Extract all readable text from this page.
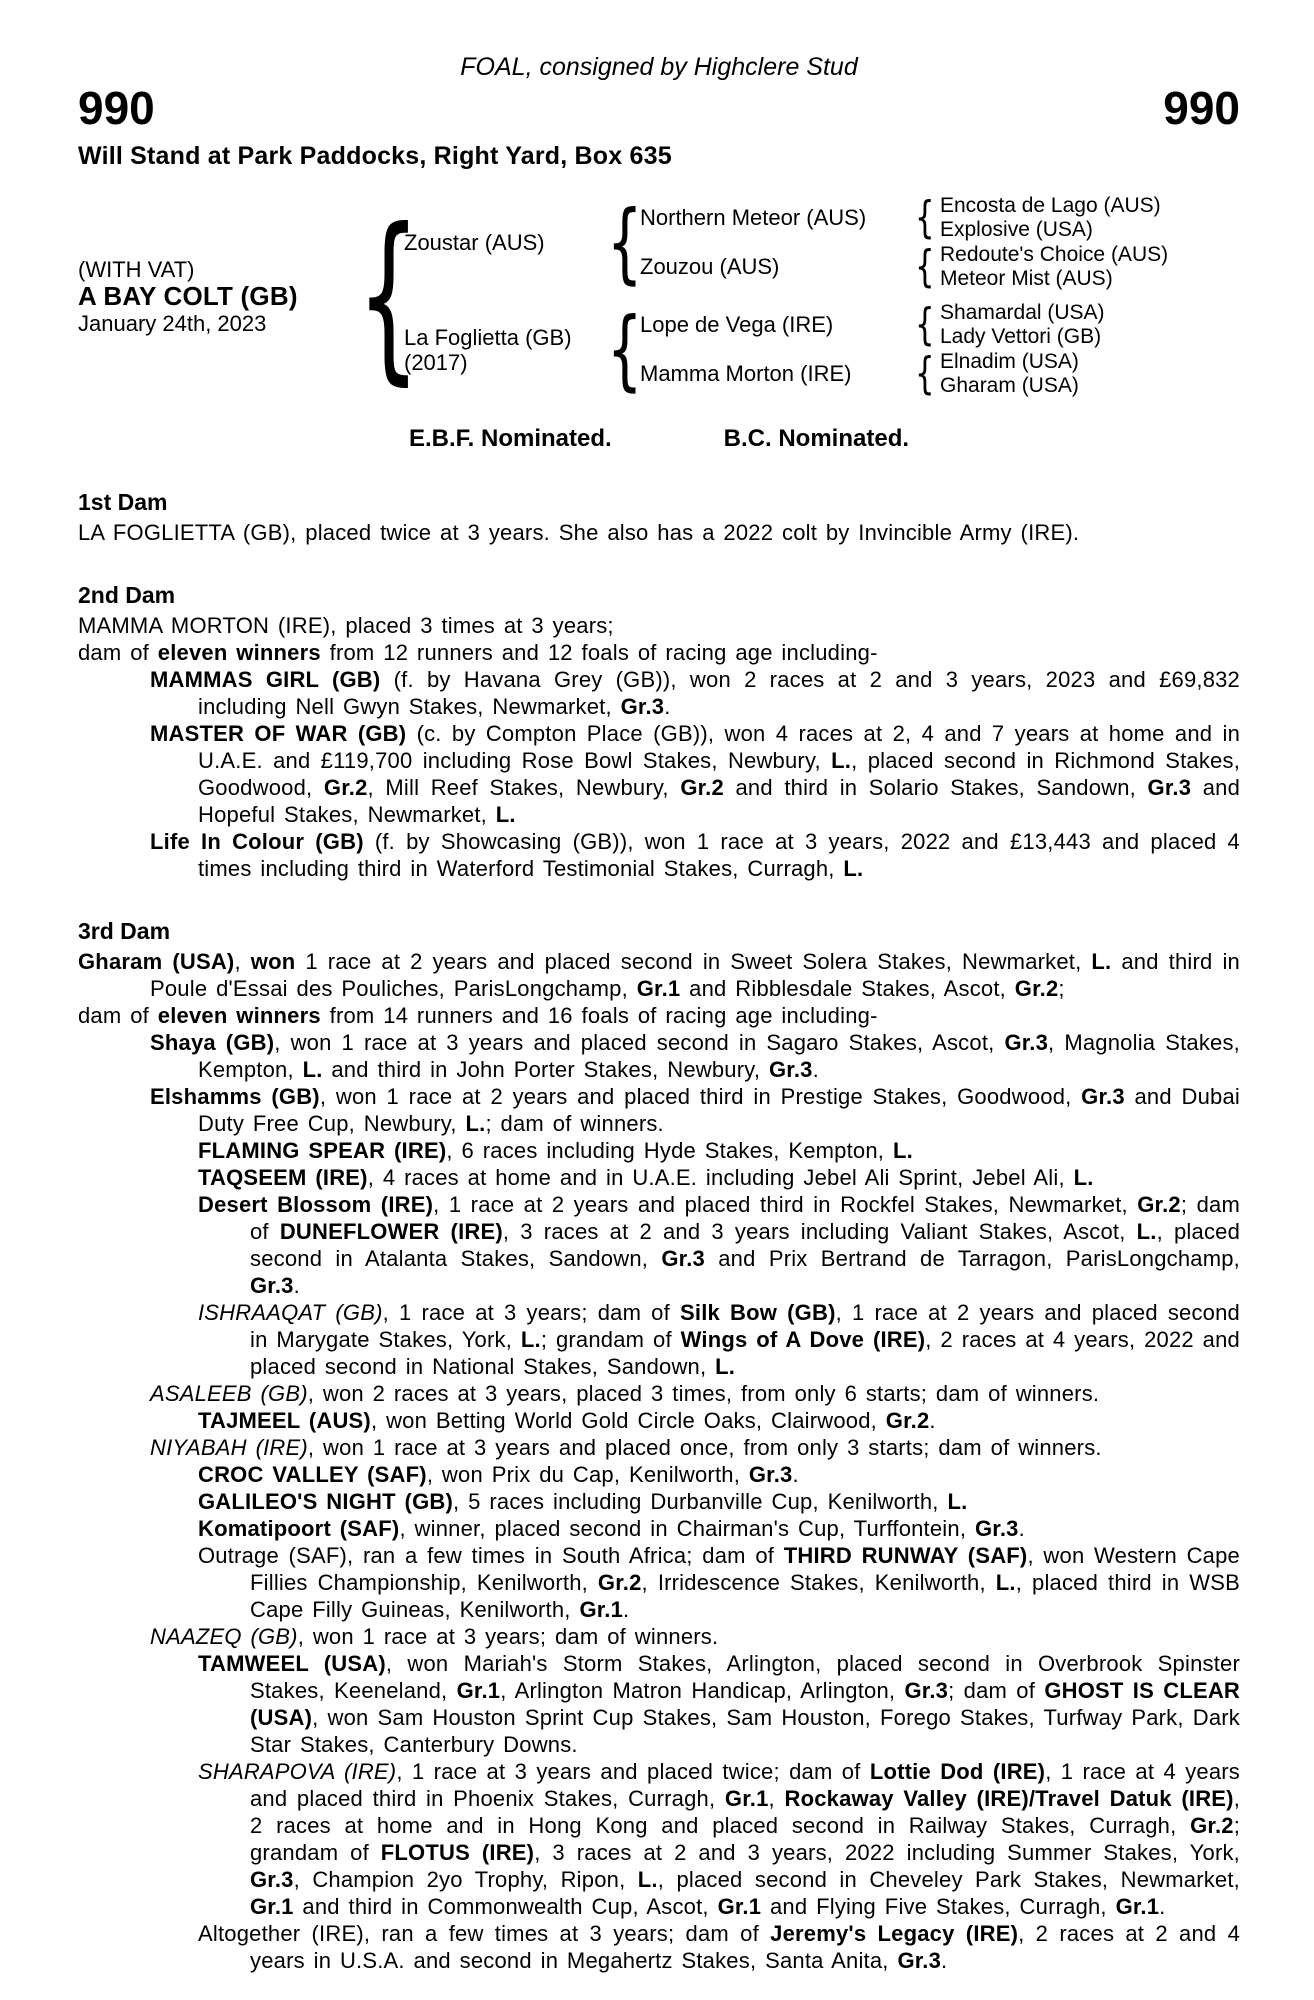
FOAL, consigned by Highclere Stud
990	990
Will Stand at Park Paddocks, Right Yard, Box 635
(WITH VAT)
A BAY COLT (GB)
January 24th, 2023 {
Zoustar (AUS) {
Northern Meteor (AUS) { Encosta de Lago (AUS)
Explosive (USA)
Zouzou (AUS)	{ Redoute's Choice (AUS)
Meteor Mist (AUS)
La Foglietta (GB)
(2017)	{
Lope de Vega (IRE)	{ Shamardal (USA)
Lady Vettori (GB)
Mamma Morton (IRE)	{ Elnadim (USA)
Gharam (USA)
E.B.F. Nominated.	B.C. Nominated.
1st Dam

LA FOGLIETTA (GB), placed twice at 3 years. She also has a 2022 colt by Invincible Army (IRE).

2nd Dam

MAMMA MORTON (IRE), placed 3 times at 3 years;

dam of eleven winners from 12 runners and 12 foals of racing age including-

MAMMAS GIRL (GB) (f. by Havana Grey (GB)), won 2 races at 2 and 3 years, 2023 and £69,832 including Nell Gwyn Stakes, Newmarket, Gr.3.

MASTER OF WAR (GB) (c. by Compton Place (GB)), won 4 races at 2, 4 and 7 years at home and in U.A.E. and £119,700 including Rose Bowl Stakes, Newbury, L., placed second in Richmond Stakes, Goodwood, Gr.2, Mill Reef Stakes, Newbury, Gr.2 and third in Solario Stakes, Sandown, Gr.3 and Hopeful Stakes, Newmarket, L.

Life In Colour (GB) (f. by Showcasing (GB)), won 1 race at 3 years, 2022 and £13,443 and placed 4 times including third in Waterford Testimonial Stakes, Curragh, L.

3rd Dam

Gharam (USA), won 1 race at 2 years and placed second in Sweet Solera Stakes, Newmarket, L. and third in Poule d'Essai des Pouliches, ParisLongchamp, Gr.1 and Ribblesdale Stakes, Ascot, Gr.2;

dam of eleven winners from 14 runners and 16 foals of racing age including-

Shaya (GB), won 1 race at 3 years and placed second in Sagaro Stakes, Ascot, Gr.3, Magnolia Stakes, Kempton, L. and third in John Porter Stakes, Newbury, Gr.3.

Elshamms (GB), won 1 race at 2 years and placed third in Prestige Stakes, Goodwood, Gr.3 and Dubai Duty Free Cup, Newbury, L.; dam of winners.

FLAMING SPEAR (IRE), 6 races including Hyde Stakes, Kempton, L.

TAQSEEM (IRE), 4 races at home and in U.A.E. including Jebel Ali Sprint, Jebel Ali, L.

Desert Blossom (IRE), 1 race at 2 years and placed third in Rockfel Stakes, Newmarket, Gr.2; dam of DUNEFLOWER (IRE), 3 races at 2 and 3 years including Valiant Stakes, Ascot, L., placed second in Atalanta Stakes, Sandown, Gr.3 and Prix Bertrand de Tarragon, ParisLongchamp, Gr.3.

ISHRAAQAT (GB), 1 race at 3 years; dam of Silk Bow (GB), 1 race at 2 years and placed second in Marygate Stakes, York, L.; grandam of Wings of A Dove (IRE), 2 races at 4 years, 2022 and placed second in National Stakes, Sandown, L.

ASALEEB (GB), won 2 races at 3 years, placed 3 times, from only 6 starts; dam of winners.

TAJMEEL (AUS), won Betting World Gold Circle Oaks, Clairwood, Gr.2.

NIYABAH (IRE), won 1 race at 3 years and placed once, from only 3 starts; dam of winners.

CROC VALLEY (SAF), won Prix du Cap, Kenilworth, Gr.3.

GALILEO'S NIGHT (GB), 5 races including Durbanville Cup, Kenilworth, L.

Komatipoort (SAF), winner, placed second in Chairman's Cup, Turffontein, Gr.3.

Outrage (SAF), ran a few times in South Africa; dam of THIRD RUNWAY (SAF), won Western Cape Fillies Championship, Kenilworth, Gr.2, Irridescence Stakes, Kenilworth, L., placed third in WSB Cape Filly Guineas, Kenilworth, Gr.1.

NAAZEQ (GB), won 1 race at 3 years; dam of winners.

TAMWEEL (USA), won Mariah's Storm Stakes, Arlington, placed second in Overbrook Spinster Stakes, Keeneland, Gr.1, Arlington Matron Handicap, Arlington, Gr.3; dam of GHOST IS CLEAR (USA), won Sam Houston Sprint Cup Stakes, Sam Houston, Forego Stakes, Turfway Park, Dark Star Stakes, Canterbury Downs.

SHARAPOVA (IRE), 1 race at 3 years and placed twice; dam of Lottie Dod (IRE), 1 race at 4 years and placed third in Phoenix Stakes, Curragh, Gr.1, Rockaway Valley (IRE)/Travel Datuk (IRE), 2 races at home and in Hong Kong and placed second in Railway Stakes, Curragh, Gr.2; grandam of FLOTUS (IRE), 3 races at 2 and 3 years, 2022 including Summer Stakes, York, Gr.3, Champion 2yo Trophy, Ripon, L., placed second in Cheveley Park Stakes, Newmarket, Gr.1 and third in Commonwealth Cup, Ascot, Gr.1 and Flying Five Stakes, Curragh, Gr.1.

Altogether (IRE), ran a few times at 3 years; dam of Jeremy's Legacy (IRE), 2 races at 2 and 4 years in U.S.A. and second in Megahertz Stakes, Santa Anita, Gr.3.
